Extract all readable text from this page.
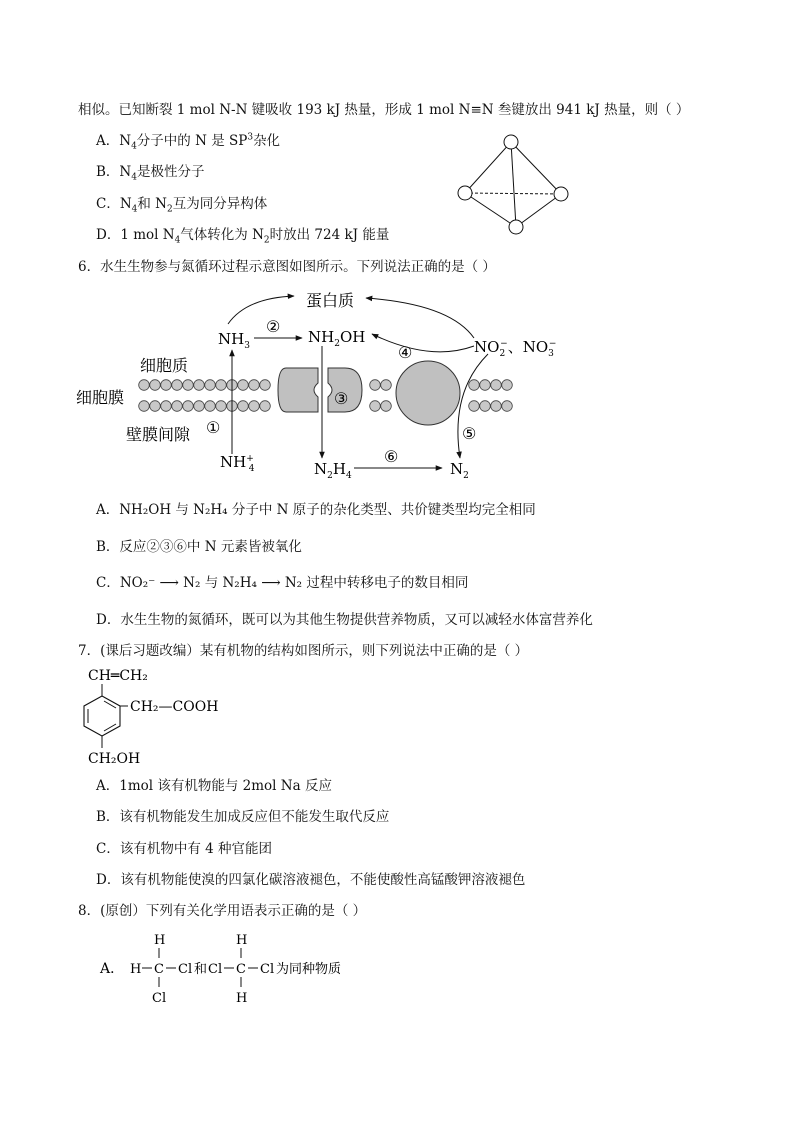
相似。已知断裂 1 mol N-N 键吸收 193 kJ 热量，形成 1 mol N≡N 叁键放出 941 kJ 热量，则（ ）
A．$N_4$分子中的 N 是 $SP^3$杂化
B．$N_4$是极性分子
C．$N_4$和 $N_2$互为同分异构体
D．1 mol $N_4$气体转化为 $N_2$时放出 724 kJ 能量
6．水生生物参与氮循环过程示意图如图所示。下列说法正确的是（ ）
蛋白质
$NH_3$	$NH_2OH$
$NO_2-$、$NO_3-$
细胞质
细胞膜
壁膜间隙
NH+ 4	$N_2H_4$	$N_2$
①
②
③
④
⑤
⑥
A．NH₂OH 与 N₂H₄ 分子中 N 原子的杂化类型、共价键类型均完全相同
B．反应②③⑥中 N 元素皆被氧化
C．NO₂⁻ ⟶ N₂ 与 N₂H₄ ⟶ N₂ 过程中转移电子的数目相同
D．水生生物的氮循环，既可以为其他生物提供营养物质，又可以减轻水体富营养化
7．(课后习题改编）某有机物的结构如图所示，则下列说法中正确的是（ ）
CH═CH₂
CH₂—COOH
CH₂OH
A．1mol 该有机物能与 2mol Na 反应
B．该有机物能发生加成反应但不能发生取代反应
C．该有机物中有 4 种官能团
D．该有机物能使溴的四氯化碳溶液褪色，不能使酸性高锰酸钾溶液褪色
8．(原创）下列有关化学用语表示正确的是（ ）
A．
H
H C Cl
Cl
和 Cl
H
C Cl
H
为同种物质
